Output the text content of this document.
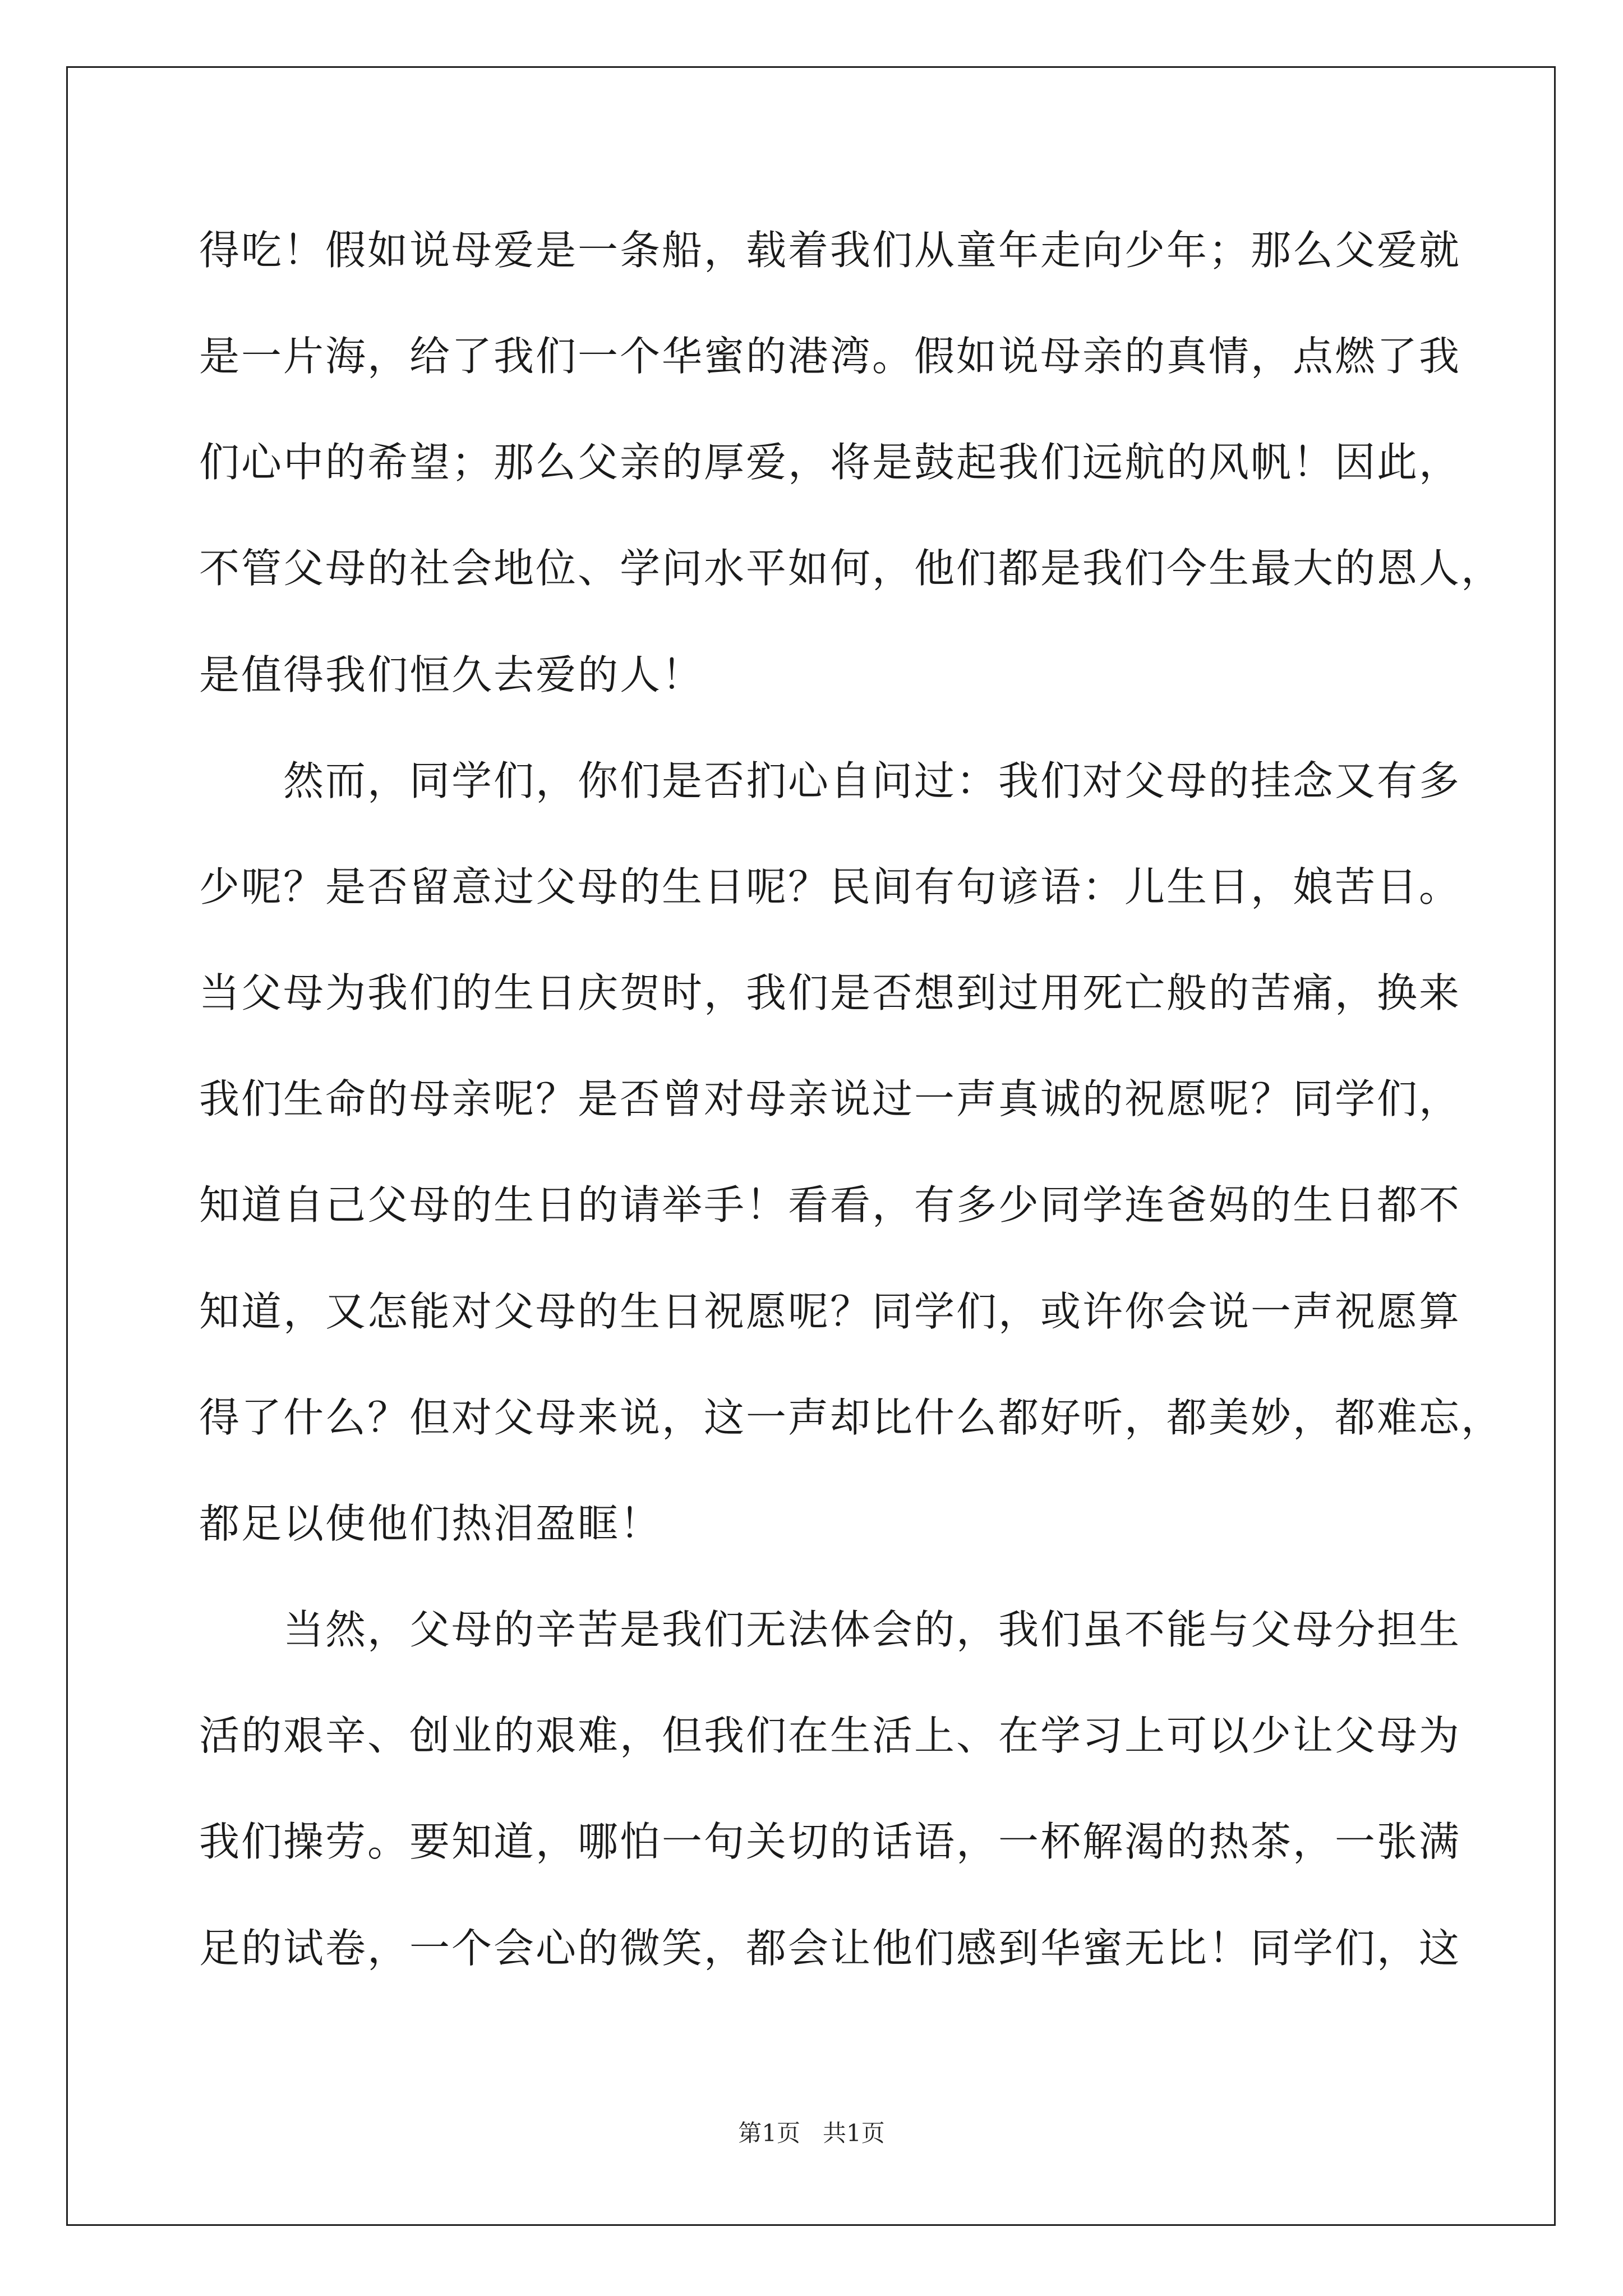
得吃！假如说母爱是一条船，载着我们从童年走向少年；那么父爱就
是一片海，给了我们一个华蜜的港湾。假如说母亲的真情，点燃了我
们心中的希望；那么父亲的厚爱，将是鼓起我们远航的风帆！因此，
不管父母的社会地位、学问水平如何，他们都是我们今生最大的恩人，
是值得我们恒久去爱的人！
　　然而，同学们，你们是否扪心自问过：我们对父母的挂念又有多
少呢？是否留意过父母的生日呢？民间有句谚语：儿生日，娘苦日。
当父母为我们的生日庆贺时，我们是否想到过用死亡般的苦痛，换来
我们生命的母亲呢？是否曾对母亲说过一声真诚的祝愿呢？同学们，
知道自己父母的生日的请举手！看看，有多少同学连爸妈的生日都不
知道，又怎能对父母的生日祝愿呢？同学们，或许你会说一声祝愿算
得了什么？但对父母来说，这一声却比什么都好听，都美妙，都难忘，
都足以使他们热泪盈眶！
　　当然，父母的辛苦是我们无法体会的，我们虽不能与父母分担生
活的艰辛、创业的艰难，但我们在生活上、在学习上可以少让父母为
我们操劳。要知道，哪怕一句关切的话语，一杯解渴的热茶，一张满
足的试卷，一个会心的微笑，都会让他们感到华蜜无比！同学们，这
第1页 共1页
